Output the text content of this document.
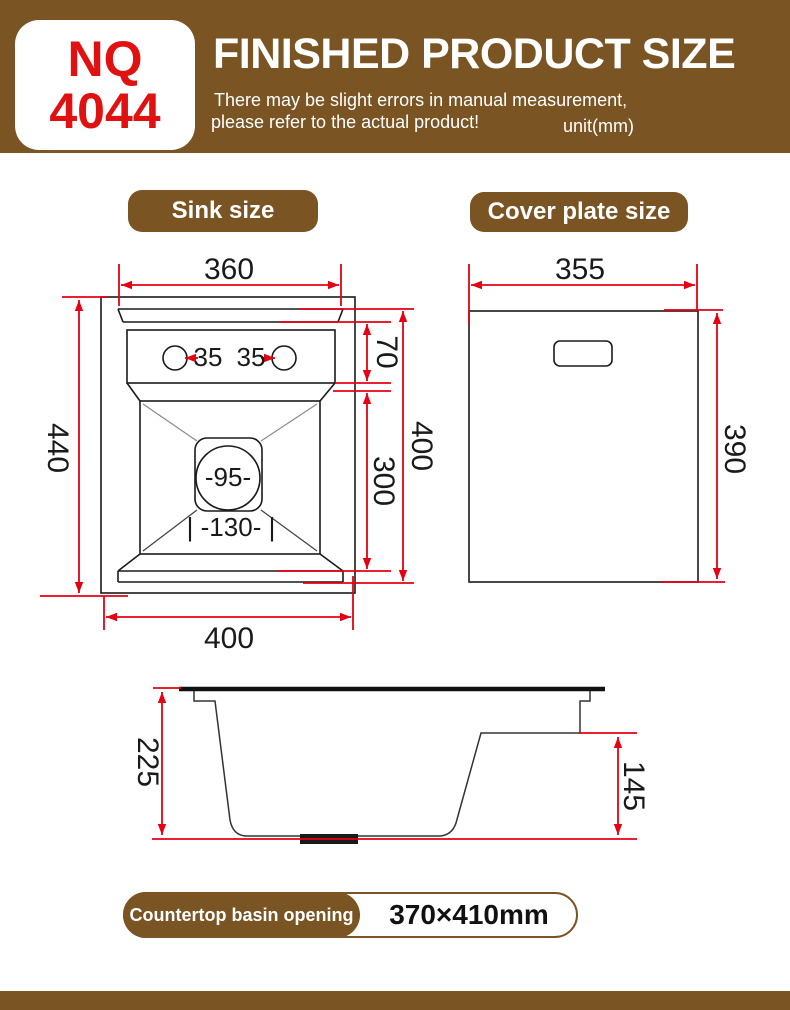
NQ
4044
FINISHED PRODUCT SIZE
There may be slight errors in manual measurement,
please refer to the actual product!	unit(mm)
Sink size	Cover plate size
360
440
400
70
300
400
35 35
-95-
| -130- |
355
390
225	145
Countertop basin opening 370×410mm
